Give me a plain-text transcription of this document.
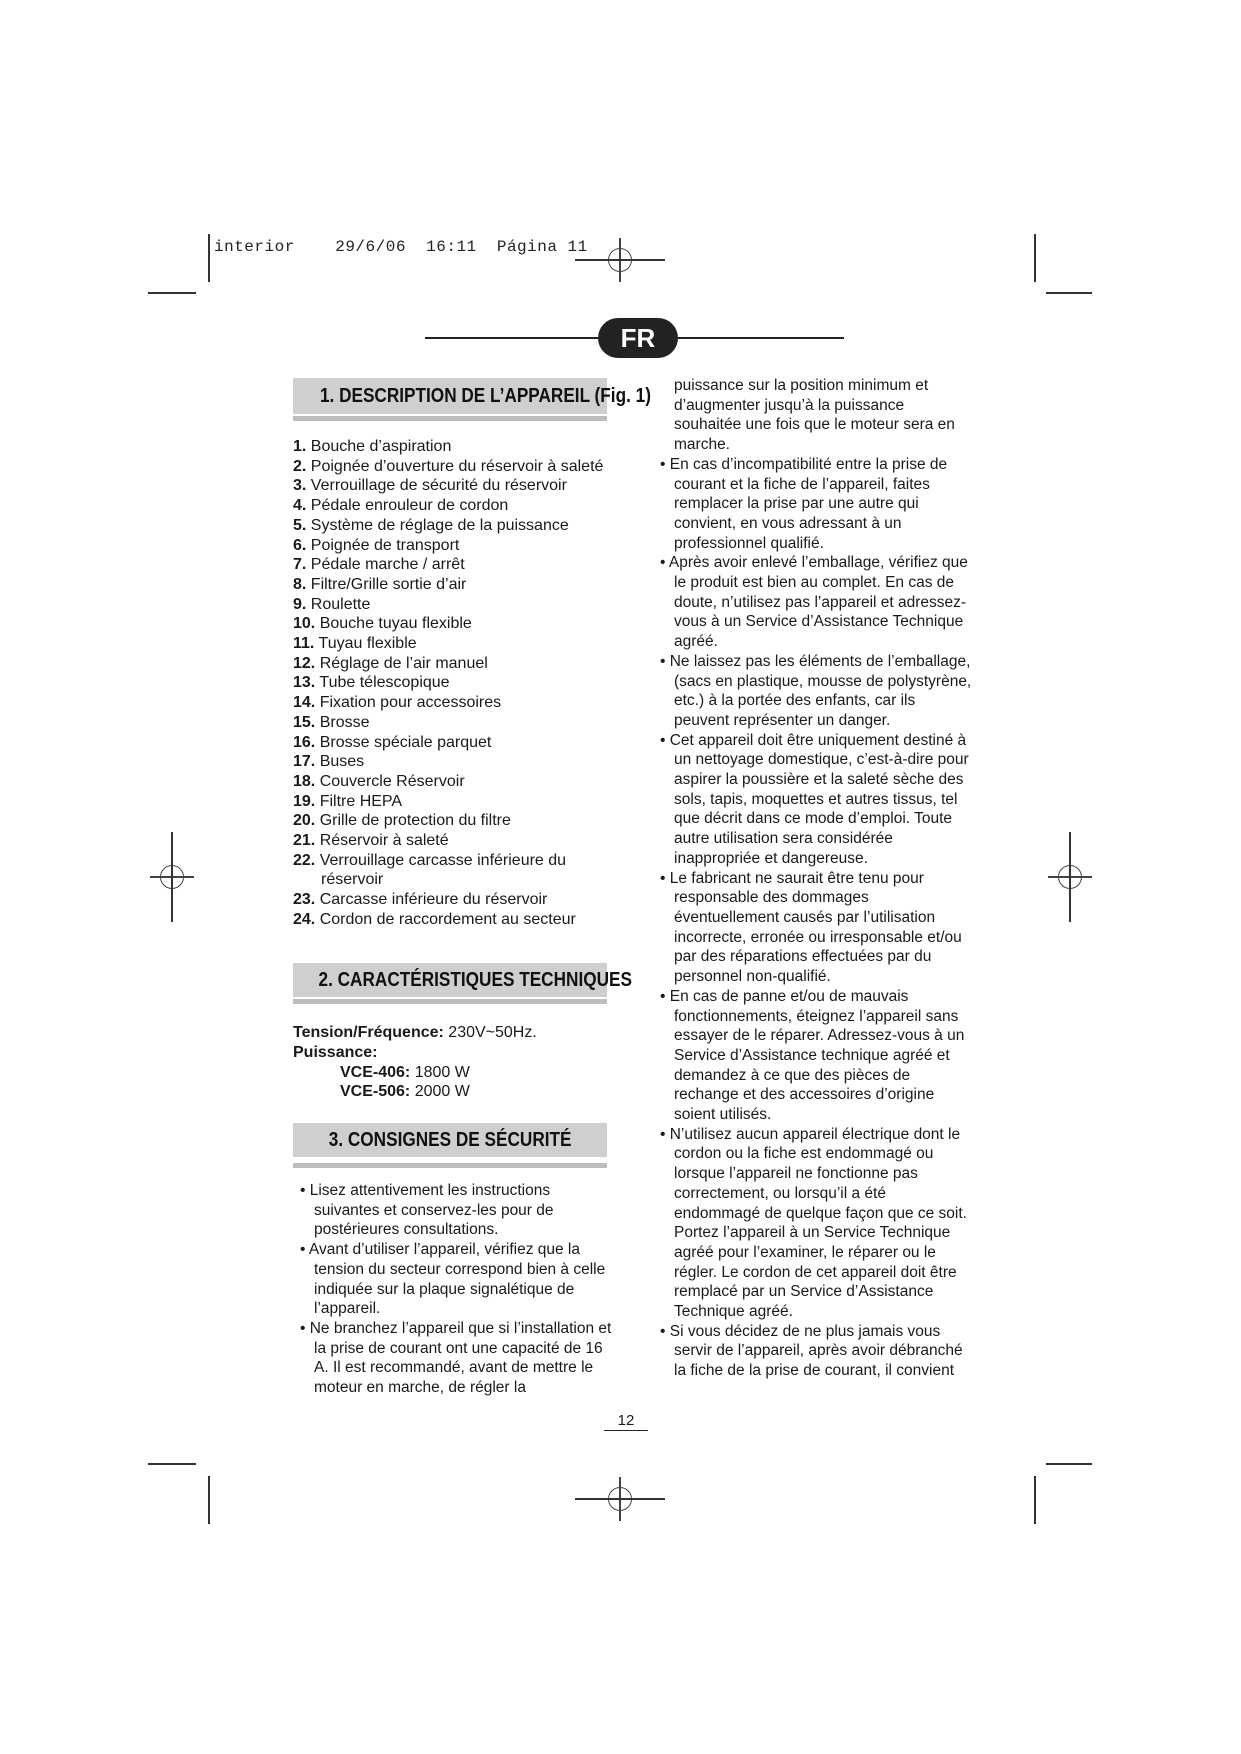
interior    29/6/06  16:11  Página 11
FR
1. DESCRIPTION DE L’APPAREIL (Fig. 1)
1. Bouche d’aspiration
2. Poignée d’ouverture du réservoir à saleté
3. Verrouillage de sécurité du réservoir
4. Pédale enrouleur de cordon
5. Système de réglage de la puissance
6. Poignée de transport
7. Pédale marche / arrêt
8. Filtre/Grille sortie d’air
9. Roulette
10. Bouche tuyau flexible
11. Tuyau flexible
12. Réglage de l’air manuel
13. Tube télescopique
14. Fixation pour accessoires
15. Brosse
16. Brosse spéciale parquet
17. Buses
18. Couvercle Réservoir
19. Filtre HEPA
20. Grille de protection du filtre
21. Réservoir à saleté
22. Verrouillage carcasse inférieure du réservoir
23. Carcasse inférieure du réservoir
24. Cordon de raccordement au secteur
2. CARACTÉRISTIQUES TECHNIQUES
Tension/Fréquence: 230V~50Hz.
Puissance:
VCE-406: 1800 W
VCE-506: 2000 W
3. CONSIGNES DE SÉCURITÉ
• Lisez attentivement les instructions suivantes et conservez-les pour de postérieures consultations.
• Avant d’utiliser l’appareil, vérifiez que la tension du secteur correspond bien à celle indiquée sur la plaque signalétique de l’appareil.
• Ne branchez l’appareil que si l’installation et la prise de courant ont une capacité de 16 A. Il est recommandé, avant de mettre le moteur en marche, de régler la
puissance sur la position minimum et d’augmenter jusqu’à la puissance souhaitée une fois que le moteur sera en marche.
• En cas d’incompatibilité entre la prise de courant et la fiche de l’appareil, faites remplacer la prise par une autre qui convient, en vous adressant à un professionnel qualifié.
• Après avoir enlevé l’emballage, vérifiez que le produit est bien au complet. En cas de doute, n’utilisez pas l’appareil et adressez-vous à un Service d’Assistance Technique agréé.
• Ne laissez pas les éléments de l’emballage, (sacs en plastique, mousse de polystyrène, etc.) à la portée des enfants, car ils peuvent représenter un danger.
• Cet appareil doit être uniquement destiné à un nettoyage domestique, c’est-à-dire pour aspirer la poussière et la saleté sèche des sols, tapis, moquettes et autres tissus, tel que décrit dans ce mode d’emploi. Toute autre utilisation sera considérée inappropriée et dangereuse.
• Le fabricant ne saurait être tenu pour responsable des dommages éventuellement causés par l’utilisation incorrecte, erronée ou irresponsable et/ou par des réparations effectuées par du personnel non-qualifié.
• En cas de panne et/ou de mauvais fonctionnements, éteignez l’appareil sans essayer de le réparer. Adressez-vous à un Service d’Assistance technique agréé et demandez à ce que des pièces de rechange et des accessoires d’origine soient utilisés.
• N’utilisez aucun appareil électrique dont le cordon ou la fiche est endommagé ou lorsque l’appareil ne fonctionne pas correctement, ou lorsqu’il a été endommagé de quelque façon que ce soit. Portez l’appareil à un Service Technique agréé pour l’examiner, le réparer ou le régler. Le cordon de cet appareil doit être remplacé par un Service d’Assistance Technique agréé.
• Si vous décidez de ne plus jamais vous servir de l’appareil, après avoir débranché la fiche de la prise de courant, il convient
12
